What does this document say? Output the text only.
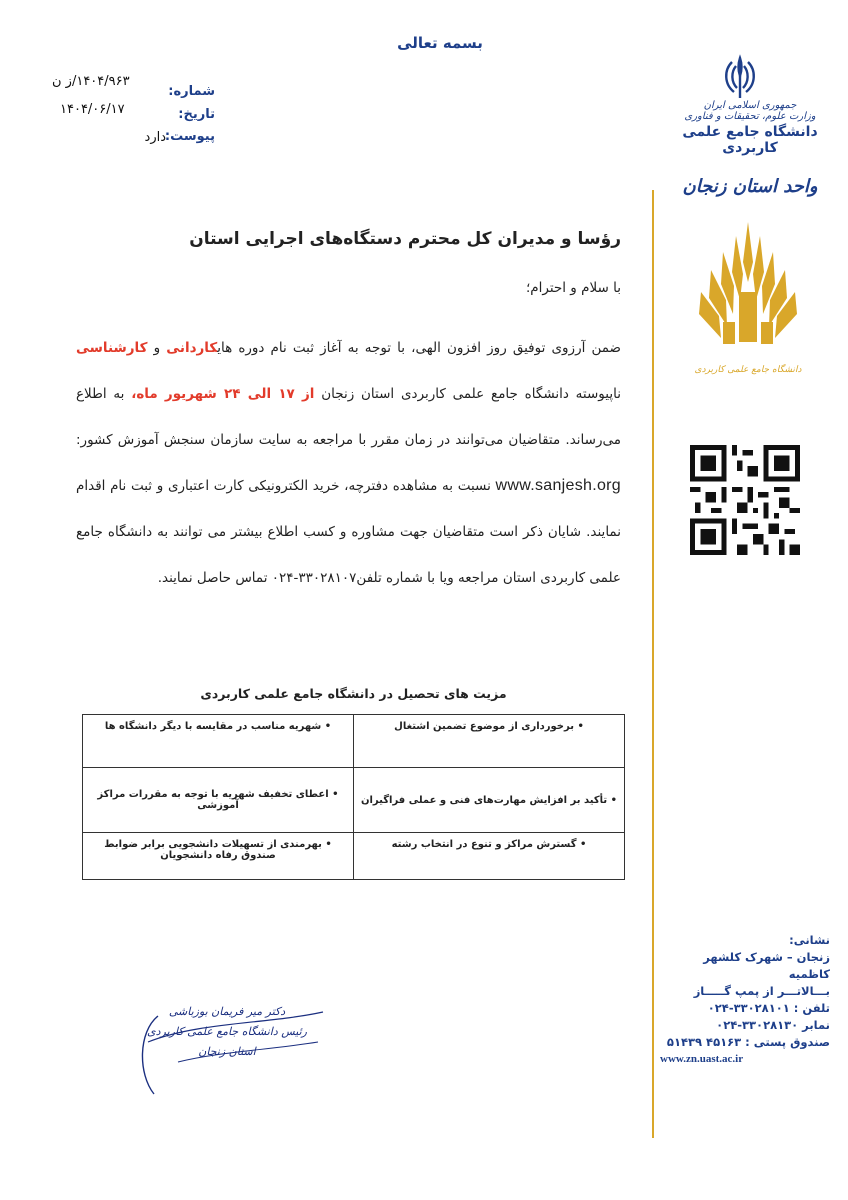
بسمه تعالی
شماره:
۱۴۰۴/۹۶۳/ز ن
تاریخ:
۱۴۰۴/۰۶/۱۷
پیوست:
دارد
جمهوری اسلامی ایران
وزارت علوم، تحقیقات و فناوری
دانشگاه جامع علمی کاربردی
واحد استان زنجان
دانشگاه جامع علمی کاربردی
رؤسا و مدیران کل محترم دستگاه‌های اجرایی استان
با سلام و احترام؛
ضمن آرزوی توفیق روز افزون الهی، با توجه به آغاز ثبت نام دوره هایکاردانی و کارشناسی ناپیوسته دانشگاه جامع علمی کاربردی استان زنجان از ۱۷ الی ۲۴ شهریور ماه، به اطلاع می‌رساند. متقاضیان می‌توانند در زمان مقرر با مراجعه به سایت سازمان سنجش آموزش کشور: www.sanjesh.org نسبت به مشاهده دفترچه، خرید الکترونیکی کارت اعتباری و ثبت نام اقدام نمایند. شایان ذکر است متقاضیان جهت مشاوره و کسب اطلاع بیشتر می توانند به دانشگاه جامع علمی کاربردی استان مراجعه ویا با شماره تلفن۳۳۰۲۸۱۰۷-۰۲۴ تماس حاصل نمایند.
مزیت های تحصیل در دانشگاه جامع علمی کاربردی
• برخورداری از موضوع تضمین اشتغال	• شهریه مناسب در مقایسه با دیگر دانشگاه ها
• تأکید بر افزایش مهارت‌های فنی و عملی فراگیران	• اعطای تخفیف شهریه با توجه به مقررات مراکز آموزشی
• گسترش مراکز و تنوع در انتخاب رشته	• بهرمندی از تسهیلات دانشجویی برابر ضوابط صندوق رفاه دانشجویان
دکتر میر فریمان بوزباشی
رئیس دانشگاه جامع علمی کاربردی
استان زنجان
نشانی:
زنجان – شهرک کلشهر کاظمیه
بـــالاتـــر از پمپ گـــــاز
تلفن : ۳۳۰۲۸۱۰۱-۰۲۴
نمابر ۳۳۰۲۸۱۳۰-۰۲۴
صندوق پستی : ۴۵۱۶۳ ۵۱۴۳۹
www.zn.uast.ac.ir
